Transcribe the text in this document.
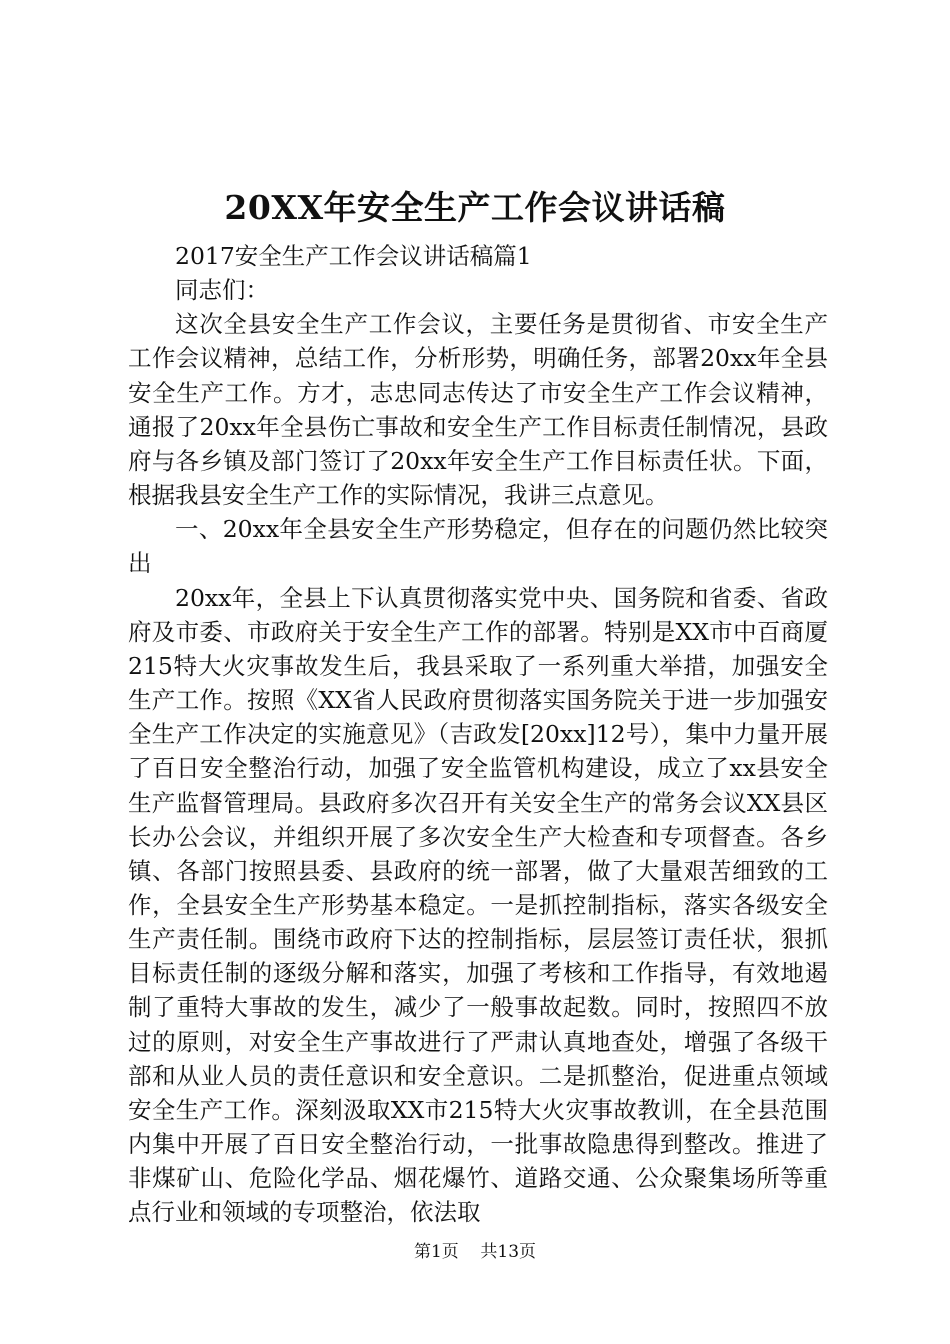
20XX年安全生产工作会议讲话稿

2017安全生产工作会议讲话稿篇1

同志们：

这次全县安全生产工作会议，主要任务是贯彻省、市安全生产工作会议精神，总结工作，分析形势，明确任务，部署20xx年全县安全生产工作。方才，志忠同志传达了市安全生产工作会议精神，通报了20xx年全县伤亡事故和安全生产工作目标责任制情况，县政府与各乡镇及部门签订了20xx年安全生产工作目标责任状。下面，根据我县安全生产工作的实际情况，我讲三点意见。

一、20xx年全县安全生产形势稳定，但存在的问题仍然比较突出

20xx年，全县上下认真贯彻落实党中央、国务院和省委、省政府及市委、市政府关于安全生产工作的部署。特别是XX市中百商厦215特大火灾事故发生后，我县采取了一系列重大举措，加强安全生产工作。按照《XX省人民政府贯彻落实国务院关于进一步加强安全生产工作决定的实施意见》（吉政发[20xx]12号），集中力量开展了百日安全整治行动，加强了安全监管机构建设，成立了xx县安全生产监督管理局。县政府多次召开有关安全生产的常务会议XX县区长办公会议，并组织开展了多次安全生产大检查和专项督查。各乡镇、各部门按照县委、县政府的统一部署，做了大量艰苦细致的工作，全县安全生产形势基本稳定。一是抓控制指标，落实各级安全生产责任制。围绕市政府下达的控制指标，层层签订责任状，狠抓目标责任制的逐级分解和落实，加强了考核和工作指导，有效地遏制了重特大事故的发生，减少了一般事故起数。同时，按照四不放过的原则，对安全生产事故进行了严肃认真地查处，增强了各级干部和从业人员的责任意识和安全意识。二是抓整治，促进重点领域安全生产工作。深刻汲取XX市215特大火灾事故教训，在全县范围内集中开展了百日安全整治行动，一批事故隐患得到整改。推进了非煤矿山、危险化学品、烟花爆竹、道路交通、公众聚集场所等重点行业和领域的专项整治，依法取

第1页 共13页
